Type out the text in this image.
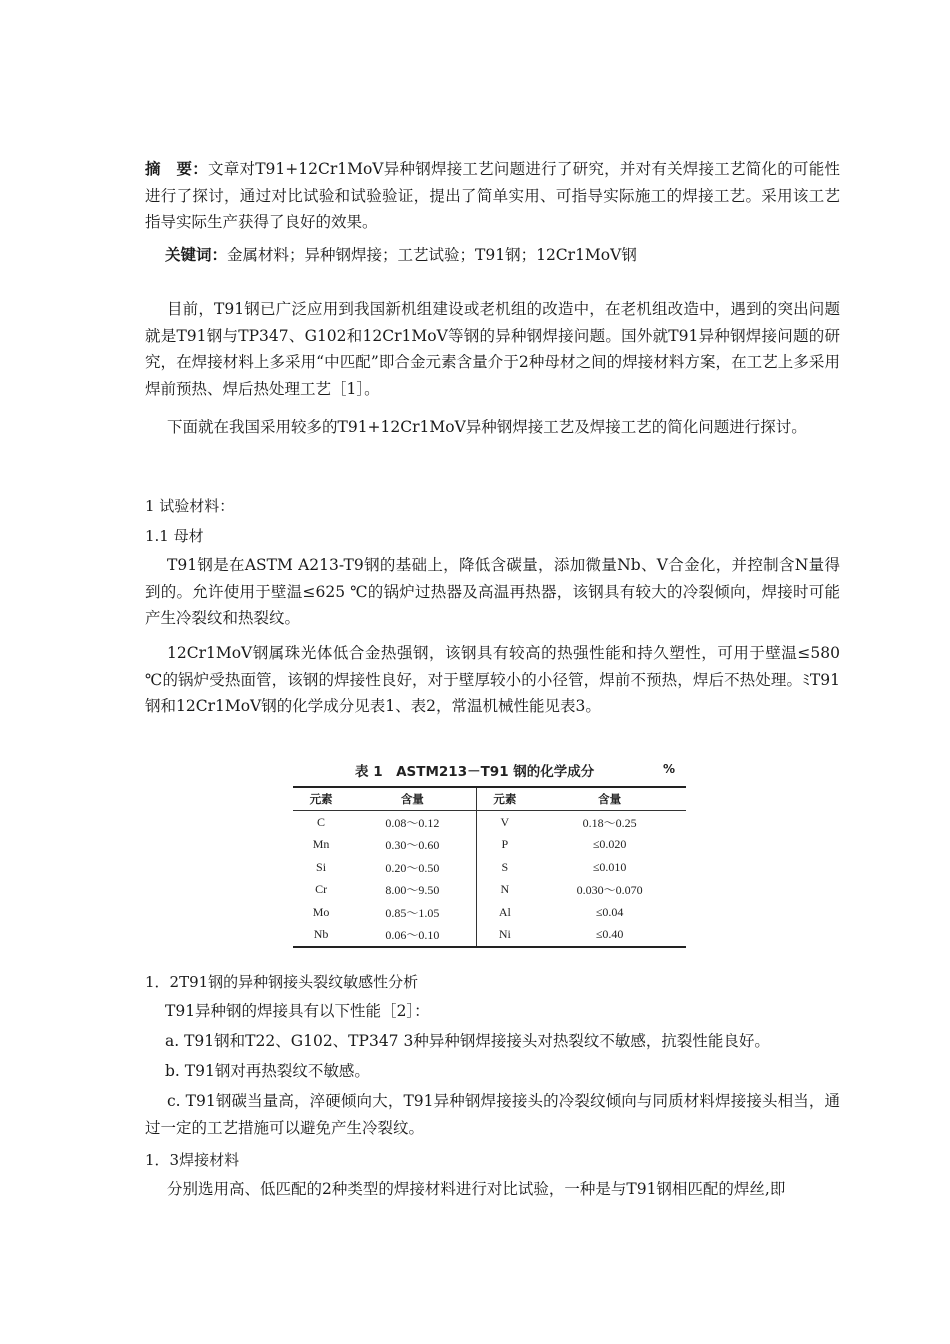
摘　要：文章对T91+12Cr1MoV异种钢焊接工艺问题进行了研究，并对有关焊接工艺简化的可能性进行了探讨，通过对比试验和试验验证，提出了简单实用、可指导实际施工的焊接工艺。采用该工艺指导实际生产获得了良好的效果。

关键词：金属材料；异种钢焊接；工艺试验；T91钢；12Cr1MoV钢

目前，T91钢已广泛应用到我国新机组建设或老机组的改造中，在老机组改造中，遇到的突出问题就是T91钢与TP347、G102和12Cr1MoV等钢的异种钢焊接问题。国外就T91异种钢焊接问题的研究，在焊接材料上多采用“中匹配”即合金元素含量介于2种母材之间的焊接材料方案，在工艺上多采用焊前预热、焊后热处理工艺［1］。

下面就在我国采用较多的T91+12Cr1MoV异种钢焊接工艺及焊接工艺的简化问题进行探讨。

1 试验材料：

1.1 母材

T91钢是在ASTM A213-T9钢的基础上，降低含碳量，添加微量Nb、V合金化，并控制含N量得到的。允许使用于壁温≤625 ℃的锅炉过热器及高温再热器，该钢具有较大的冷裂倾向，焊接时可能产生冷裂纹和热裂纹。

12Cr1MoV钢属珠光体低合金热强钢，该钢具有较高的热强性能和持久塑性，可用于壁温≤580 ℃的锅炉受热面管，该钢的焊接性良好，对于壁厚较小的小径管，焊前不预热，焊后不热处理。ﾐT91钢和12Cr1MoV钢的化学成分见表1、表2，常温机械性能见表3。

表 1　ASTM213－T91 钢的化学成分	%
元素	含量	元素	含量
C	0.08～0.12	V	0.18～0.25
Mn	0.30～0.60	P	≤0.020
Si	0.20～0.50	S	≤0.010
Cr	8.00～9.50	N	0.030～0.070
Mo	0.85～1.05	Al	≤0.04
Nb	0.06～0.10	Ni	≤0.40

1．2T91钢的异种钢接头裂纹敏感性分析

T91异种钢的焊接具有以下性能［2］：

a. T91钢和T22、G102、TP347 3种异种钢焊接接头对热裂纹不敏感，抗裂性能良好。

b. T91钢对再热裂纹不敏感。

c. T91钢碳当量高，淬硬倾向大，T91异种钢焊接接头的冷裂纹倾向与同质材料焊接接头相当，通过一定的工艺措施可以避免产生冷裂纹。

1．3焊接材料

分别选用高、低匹配的2种类型的焊接材料进行对比试验，一种是与T91钢相匹配的焊丝,即
